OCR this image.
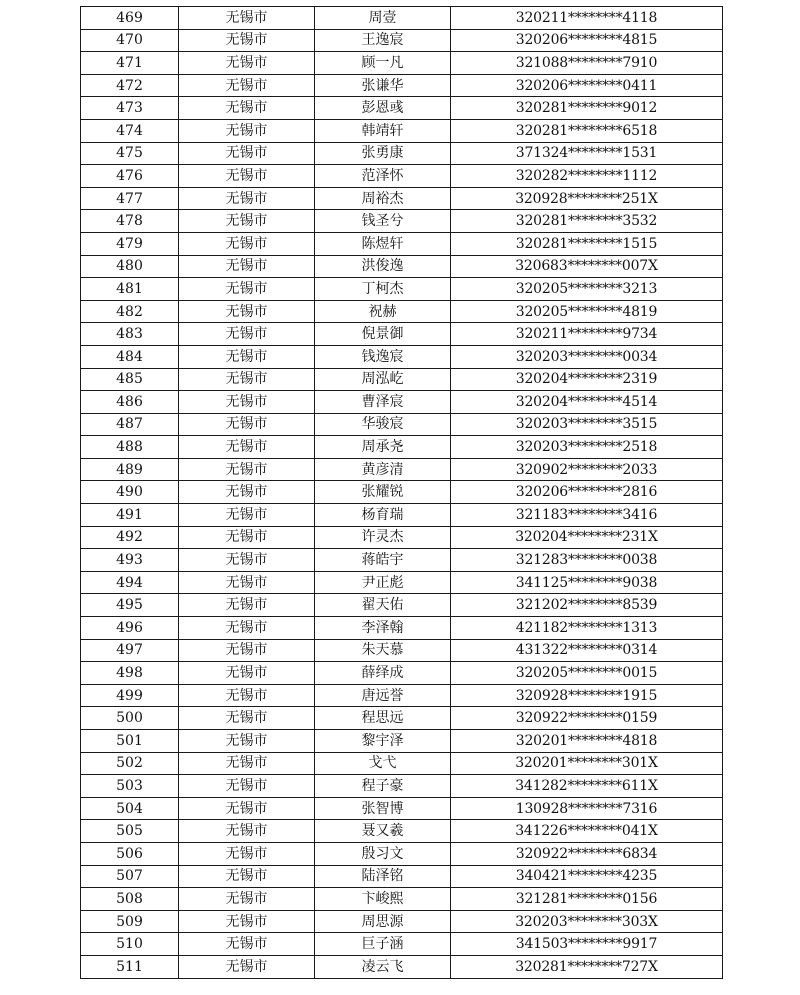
469	无锡市	周壹	320211********4118
470	无锡市	王逸宸	320206********4815
471	无锡市	顾一凡	321088********7910
472	无锡市	张谦华	320206********0411
473	无锡市	彭恩彧	320281********9012
474	无锡市	韩靖轩	320281********6518
475	无锡市	张勇康	371324********1531
476	无锡市	范泽怀	320282********1112
477	无锡市	周裕杰	320928********251X
478	无锡市	钱圣兮	320281********3532
479	无锡市	陈煜轩	320281********1515
480	无锡市	洪俊逸	320683********007X
481	无锡市	丁柯杰	320205********3213
482	无锡市	祝赫	320205********4819
483	无锡市	倪景御	320211********9734
484	无锡市	钱逸宸	320203********0034
485	无锡市	周泓屹	320204********2319
486	无锡市	曹泽宸	320204********4514
487	无锡市	华骏宸	320203********3515
488	无锡市	周承尧	320203********2518
489	无锡市	黄彦清	320902********2033
490	无锡市	张耀锐	320206********2816
491	无锡市	杨育瑞	321183********3416
492	无锡市	许灵杰	320204********231X
493	无锡市	蒋皓宇	321283********0038
494	无锡市	尹正彪	341125********9038
495	无锡市	翟天佑	321202********8539
496	无锡市	李泽翰	421182********1313
497	无锡市	朱天慕	431322********0314
498	无锡市	薛绎成	320205********0015
499	无锡市	唐远誉	320928********1915
500	无锡市	程思远	320922********0159
501	无锡市	黎宇泽	320201********4818
502	无锡市	戈弋	320201********301X
503	无锡市	程子豪	341282********611X
504	无锡市	张智博	130928********7316
505	无锡市	聂又羲	341226********041X
506	无锡市	殷习文	320922********6834
507	无锡市	陆泽铭	340421********4235
508	无锡市	卞峻熙	321281********0156
509	无锡市	周思源	320203********303X
510	无锡市	巨子涵	341503********9917
511	无锡市	凌云飞	320281********727X
